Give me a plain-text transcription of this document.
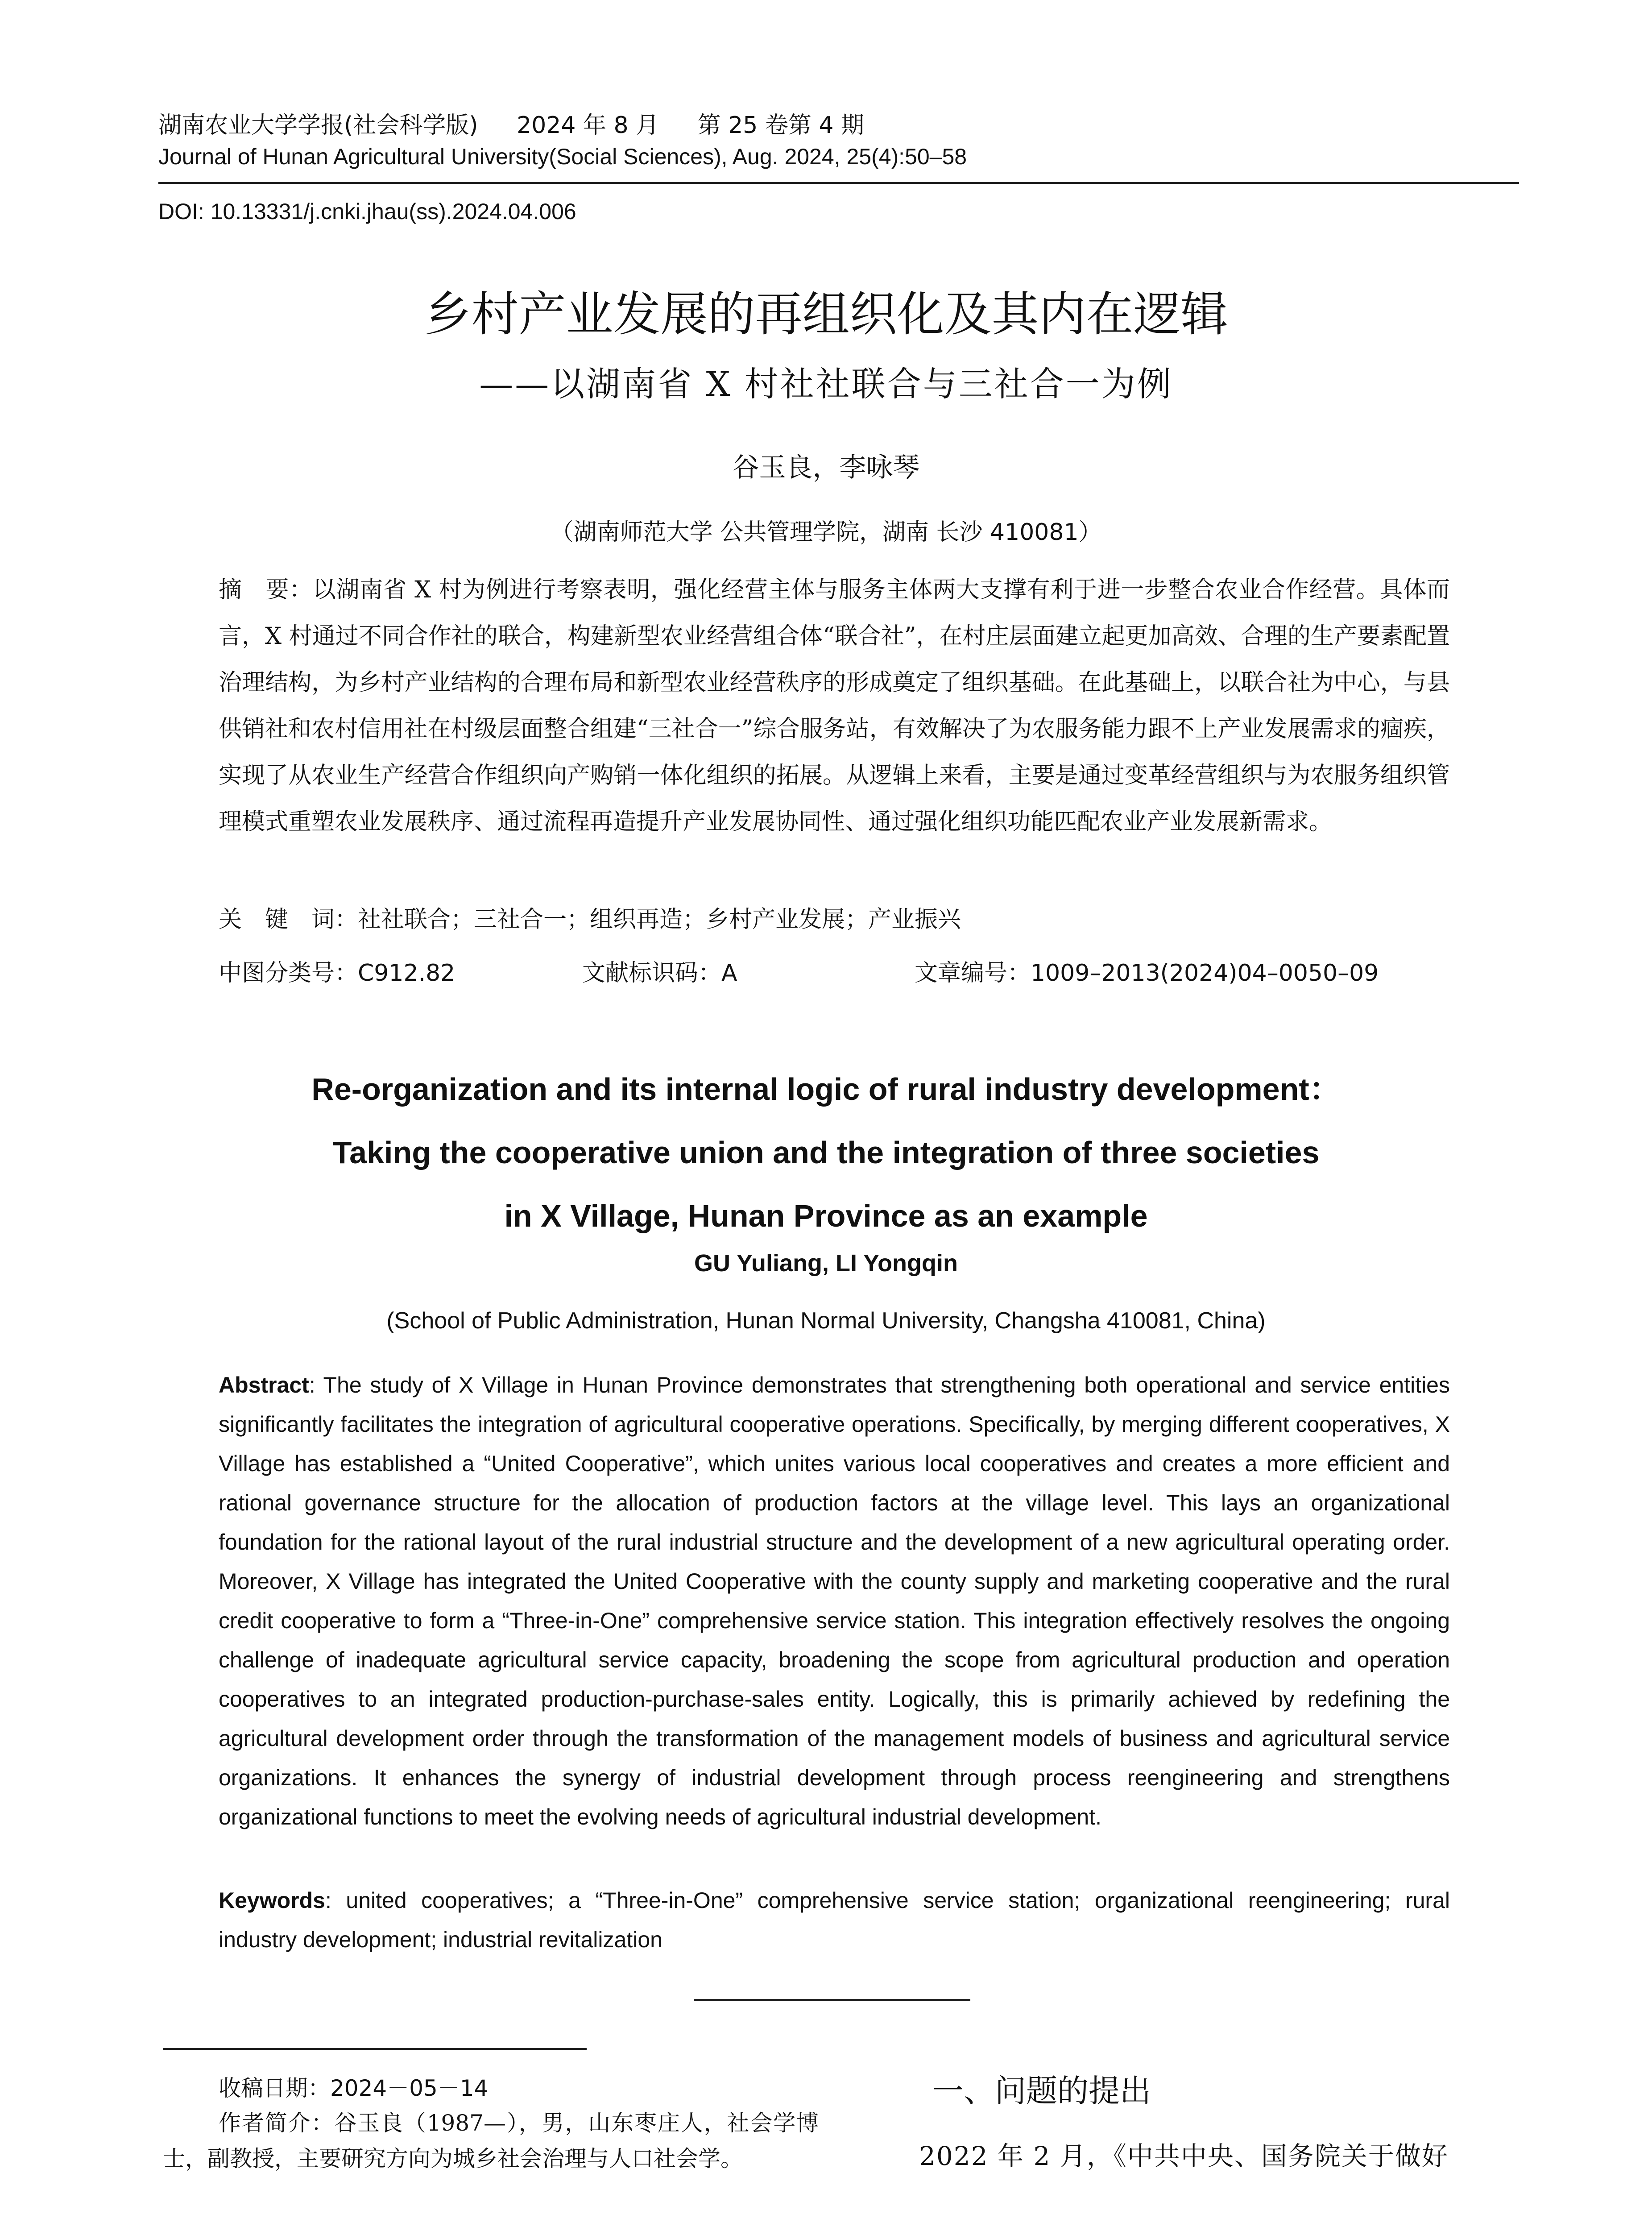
湖南农业大学学报(社会科学版) 2024 年 8 月 第 25 卷第 4 期
Journal of Hunan Agricultural University(Social Sciences), Aug. 2024, 25(4):50–58
DOI: 10.13331/j.cnki.jhau(ss).2024.04.006
乡村产业发展的再组织化及其内在逻辑
——以湖南省 X 村社社联合与三社合一为例
谷玉良，李咏琴
（湖南师范大学 公共管理学院，湖南 长沙 410081）
摘　要：以湖南省 X 村为例进行考察表明，强化经营主体与服务主体两大支撑有利于进一步整合农业合作经营。具体而言，X 村通过不同合作社的联合，构建新型农业经营组合体“联合社”，在村庄层面建立起更加高效、合理的生产要素配置治理结构，为乡村产业结构的合理布局和新型农业经营秩序的形成奠定了组织基础。在此基础上，以联合社为中心，与县供销社和农村信用社在村级层面整合组建“三社合一”综合服务站，有效解决了为农服务能力跟不上产业发展需求的痼疾，实现了从农业生产经营合作组织向产购销一体化组织的拓展。从逻辑上来看，主要是通过变革经营组织与为农服务组织管理模式重塑农业发展秩序、通过流程再造提升产业发展协同性、通过强化组织功能匹配农业产业发展新需求。
关　键　词：社社联合；三社合一；组织再造；乡村产业发展；产业振兴
中图分类号：C912.82	文献标识码：A	文章编号：1009–2013(2024)04–0050–09
Re-organization and its internal logic of rural industry development：
Taking the cooperative union and the integration of three societies
in X Village, Hunan Province as an example
GU Yuliang, LI Yongqin
(School of Public Administration, Hunan Normal University, Changsha 410081, China)
Abstract: The study of X Village in Hunan Province demonstrates that strengthening both operational and service entities significantly facilitates the integration of agricultural cooperative operations. Specifically, by merging different cooperatives, X Village has established a “United Cooperative”, which unites various local cooperatives and creates a more efficient and rational governance structure for the allocation of production factors at the village level. This lays an organizational foundation for the rational layout of the rural industrial structure and the development of a new agricultural operating order. Moreover, X Village has integrated the United Cooperative with the county supply and marketing cooperative and the rural credit cooperative to form a “Three-in-One” comprehensive service station. This integration effectively resolves the ongoing challenge of inadequate agricultural service capacity, broadening the scope from agricultural production and operation cooperatives to an integrated production-purchase-sales entity. Logically, this is primarily achieved by redefining the agricultural development order through the transformation of the management models of business and agricultural service organizations. It enhances the synergy of industrial development through process reengineering and strengthens organizational functions to meet the evolving needs of agricultural industrial development.
Keywords: united cooperatives; a “Three-in-One” comprehensive service station; organizational reengineering; rural industry development; industrial revitalization
收稿日期：2024－05－14
作者简介：谷玉良（1987—），男，山东枣庄人，社会学博士，副教授，主要研究方向为城乡社会治理与人口社会学。
一、问题的提出
2022 年 2 月，《中共中央、国务院关于做好
